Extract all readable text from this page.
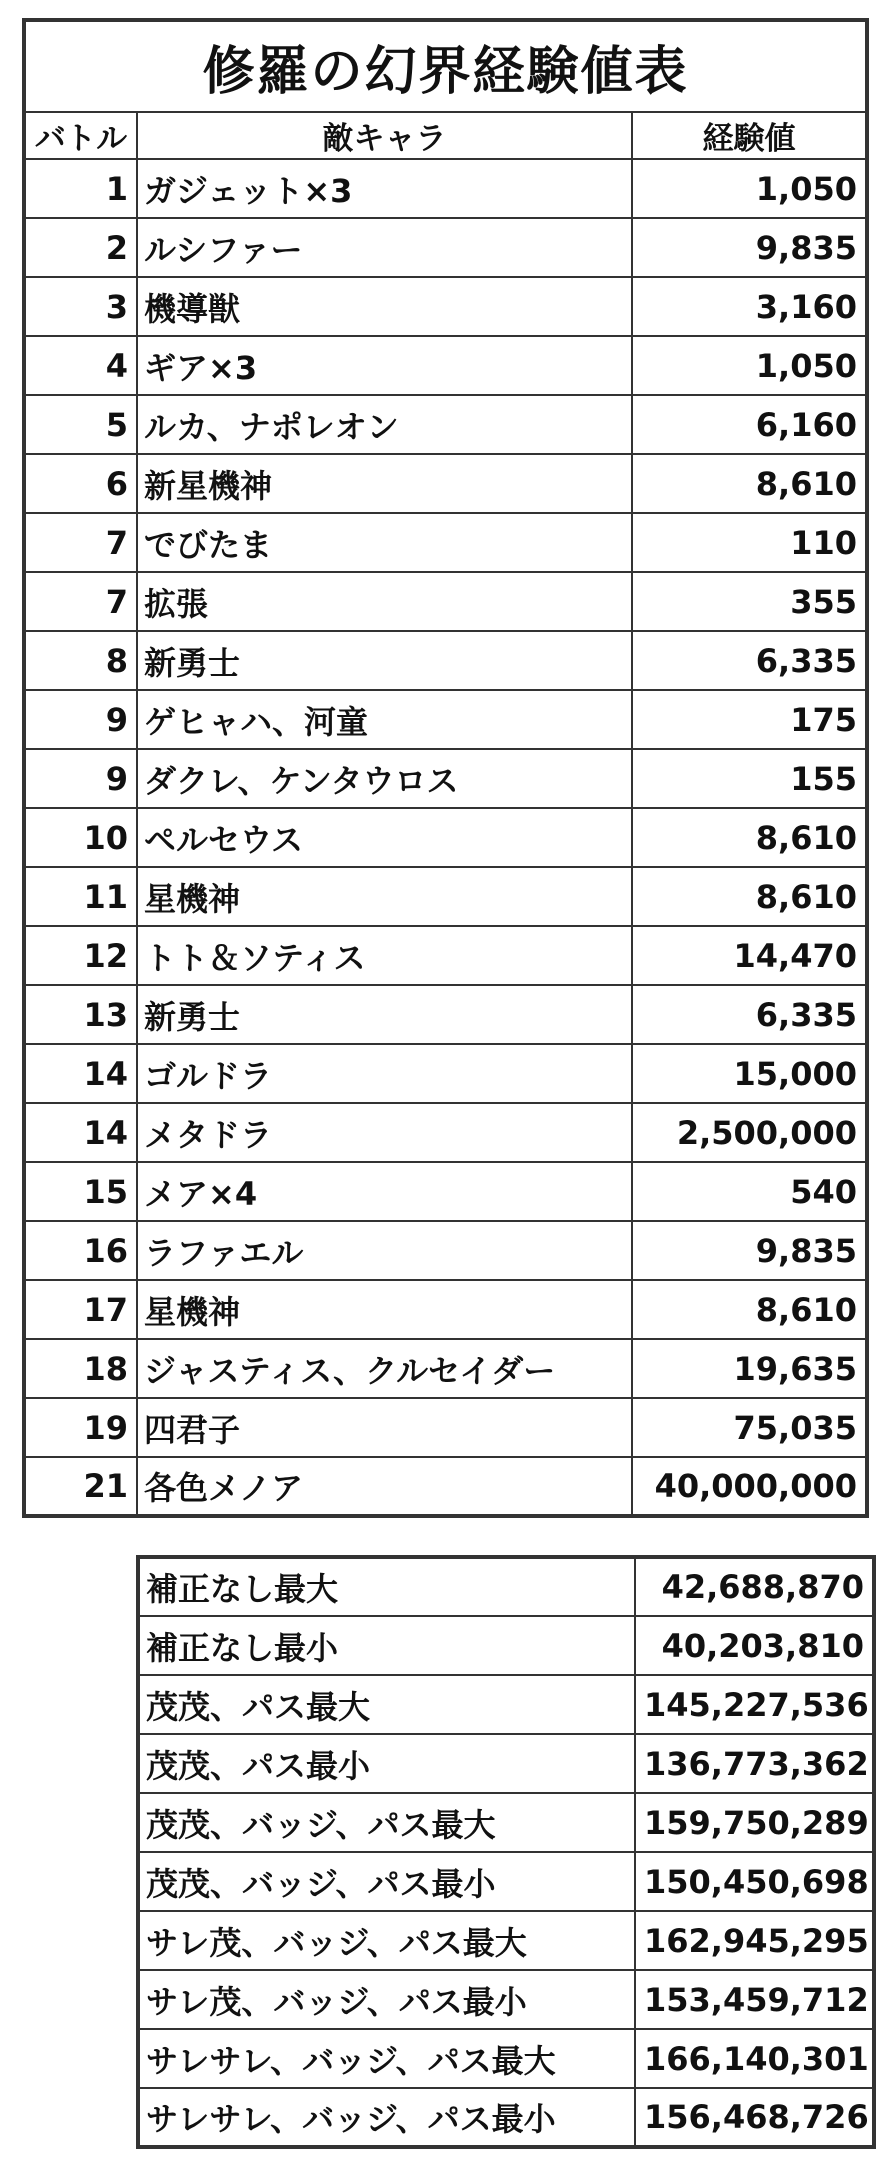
修羅の幻界経験値表		
バトル	敵キャラ	経験値
1	ガジェット×3	1,050
2	ルシファー	9,835
3	機導獣	3,160
4	ギア×3	1,050
5	ルカ、ナポレオン	6,160
6	新星機神	8,610
7	でびたま	110
7	拡張	355
8	新勇士	6,335
9	ゲヒャハ、河童	175
9	ダクレ、ケンタウロス	155
10	ペルセウス	8,610
11	星機神	8,610
12	トト＆ソティス	14,470
13	新勇士	6,335
14	ゴルドラ	15,000
14	メタドラ	2,500,000
15	メア×4	540
16	ラファエル	9,835
17	星機神	8,610
18	ジャスティス、クルセイダー	19,635
19	四君子	75,035
21	各色メノア	40,000,000
補正なし最大	42,688,870
補正なし最小	40,203,810
茂茂、パス最大	145,227,536
茂茂、パス最小	136,773,362
茂茂、バッジ、パス最大	159,750,289
茂茂、バッジ、パス最小	150,450,698
サレ茂、バッジ、パス最大	162,945,295
サレ茂、バッジ、パス最小	153,459,712
サレサレ、バッジ、パス最大	166,140,301
サレサレ、バッジ、パス最小	156,468,726
